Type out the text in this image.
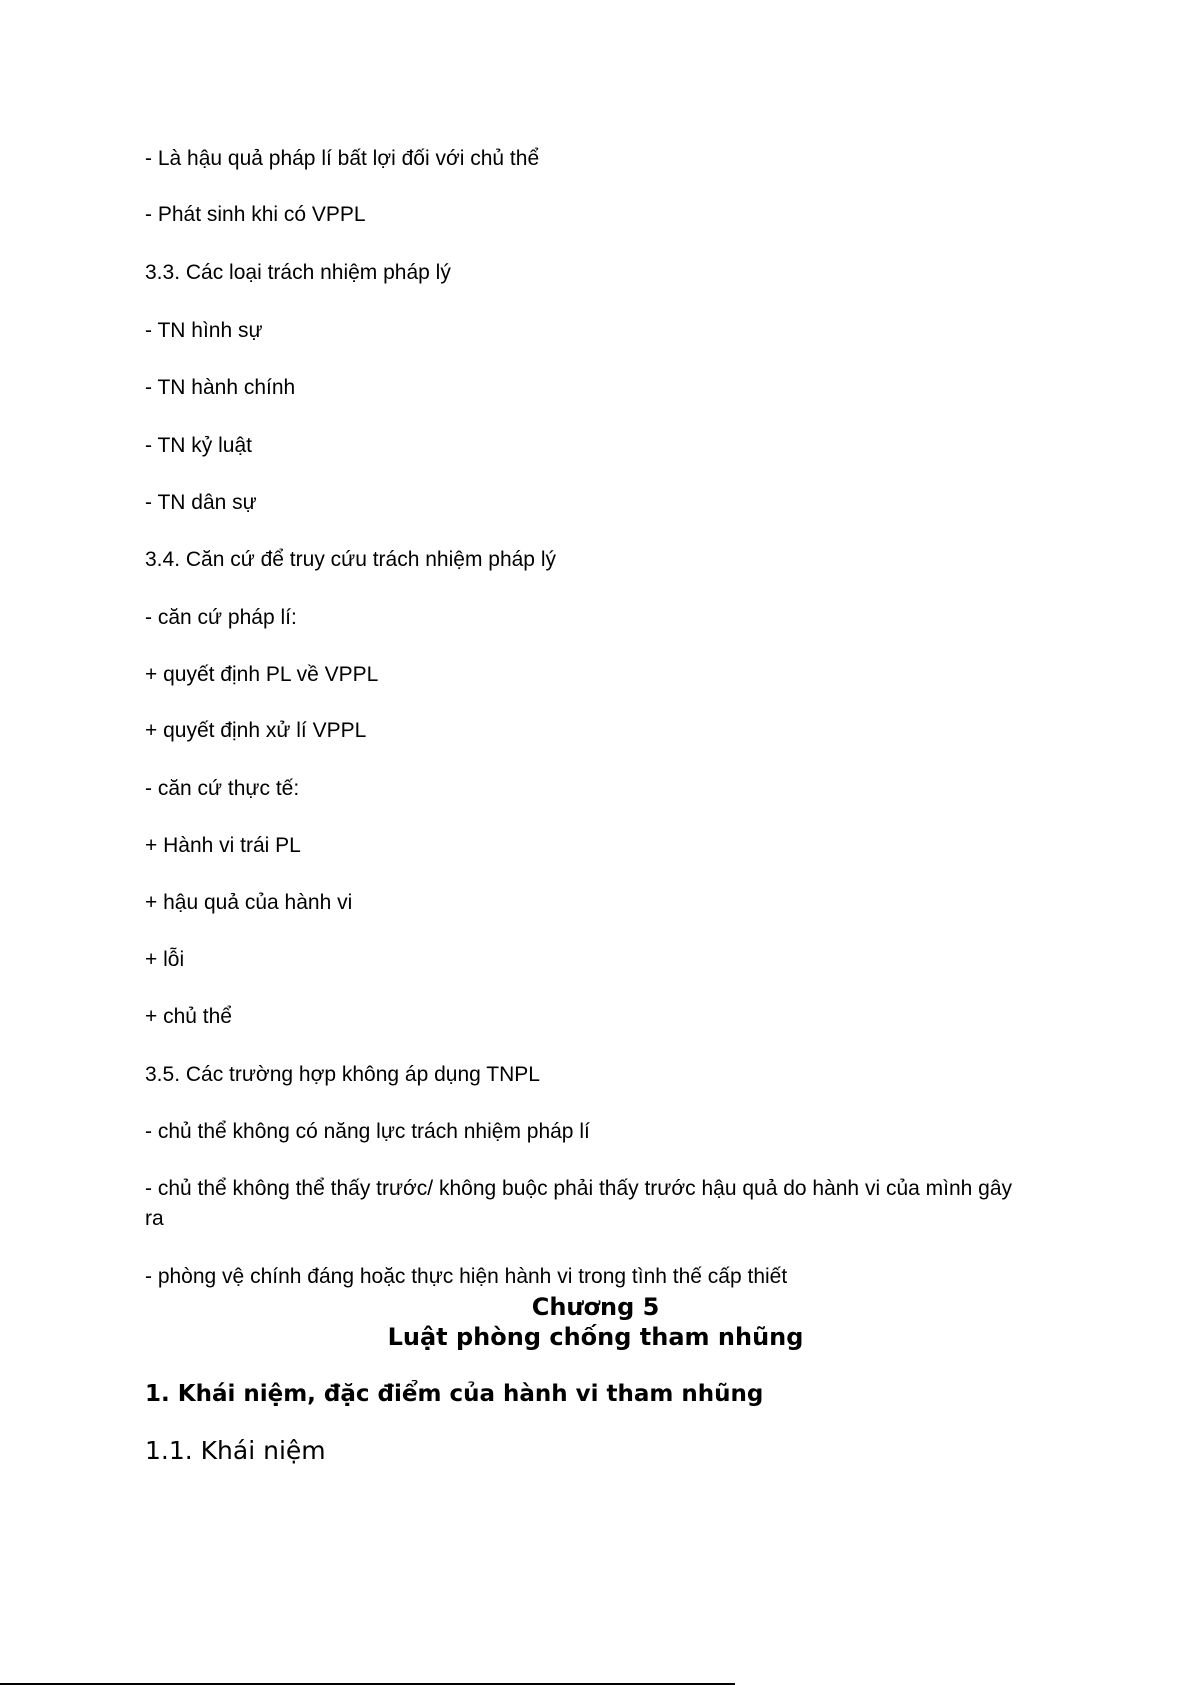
- Là hậu quả pháp lí bất lợi đối với chủ thể
- Phát sinh khi có VPPL
3.3. Các loại trách nhiệm pháp lý
- TN hình sự
- TN hành chính
- TN kỷ luật
- TN dân sự
3.4. Căn cứ để truy cứu trách nhiệm pháp lý
- căn cứ pháp lí:
+ quyết định PL về VPPL
+ quyết định xử lí VPPL
- căn cứ thực tế:
+ Hành vi trái PL
+ hậu quả của hành vi
+ lỗi
+ chủ thể
3.5. Các trường hợp không áp dụng TNPL
- chủ thể không có năng lực trách nhiệm pháp lí
- chủ thể không thể thấy trước/ không buộc phải thấy trước hậu quả do hành vi của mình gây ra
- phòng vệ chính đáng hoặc thực hiện hành vi trong tình thế cấp thiết
Chương 5
Luật phòng chống tham nhũng
1. Khái niệm, đặc điểm của hành vi tham nhũng
1.1. Khái niệm
